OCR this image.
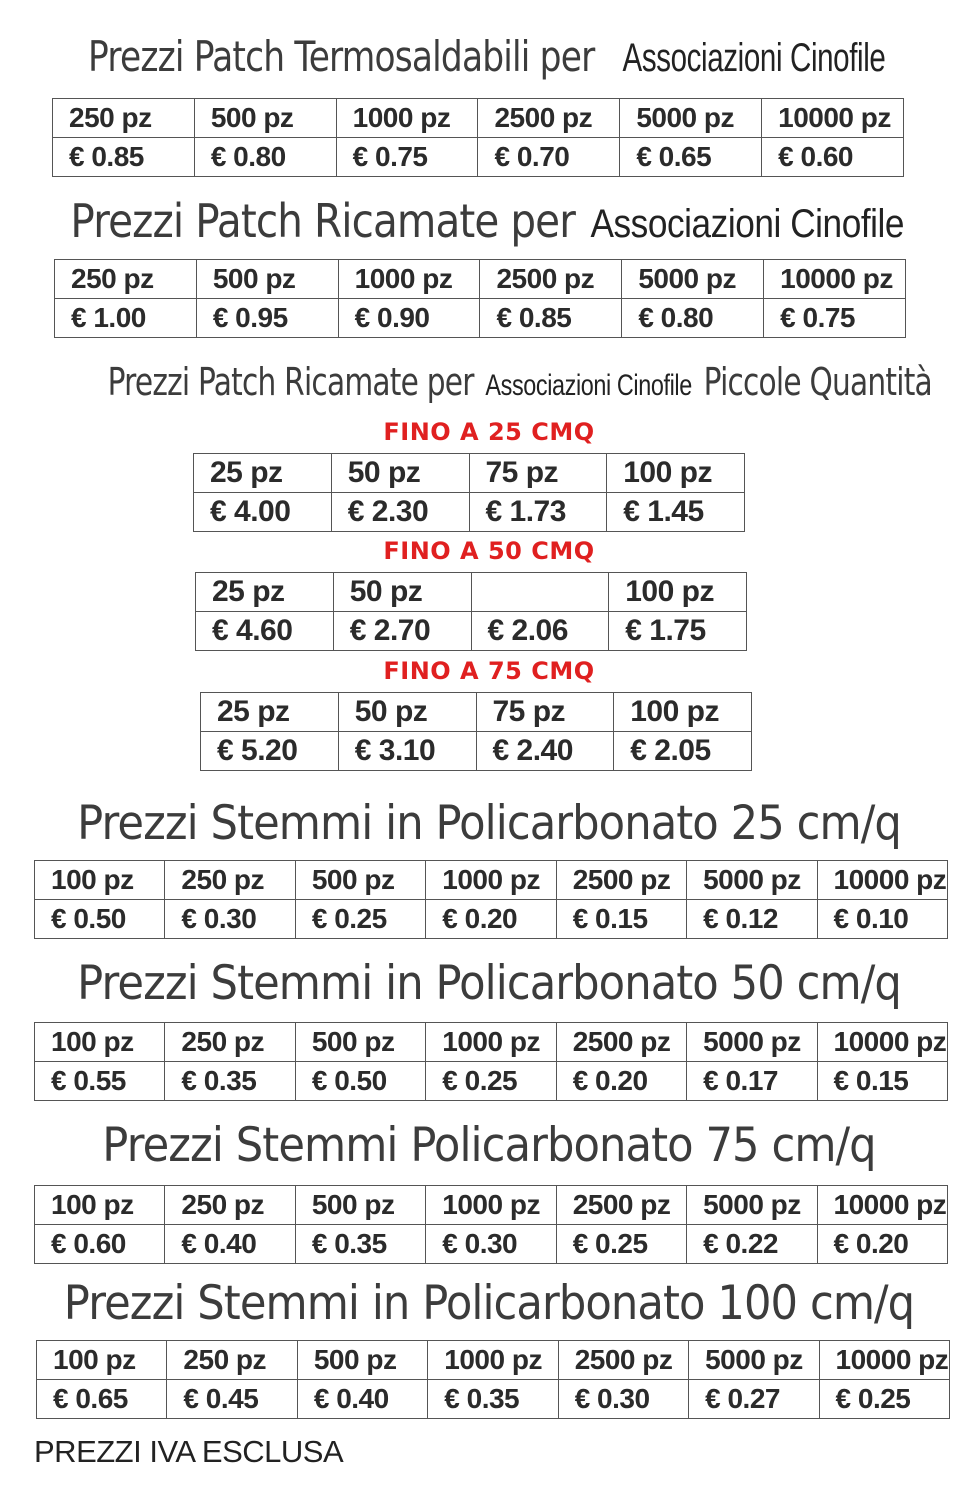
Prezzi Patch Termosaldabili per Associazioni Cinofile
250 pz	500 pz	1000 pz	2500 pz	5000 pz	10000 pz
€ 0.85	€ 0.80	€ 0.75	€ 0.70	€ 0.65	€ 0.60
Prezzi Patch Ricamate per Associazioni Cinofile
250 pz	500 pz	1000 pz	2500 pz	5000 pz	10000 pz
€ 1.00	€ 0.95	€ 0.90	€ 0.85	€ 0.80	€ 0.75
Prezzi Patch Ricamate per Associazioni Cinofile Piccole Quantità
FINO A 25 CMQ
25 pz	50 pz	75 pz	100 pz
€ 4.00	€ 2.30	€ 1.73	€ 1.45
FINO A 50 CMQ
25 pz	50 pz		100 pz
€ 4.60	€ 2.70	€ 2.06	€ 1.75
FINO A 75 CMQ
25 pz	50 pz	75 pz	100 pz
€ 5.20	€ 3.10	€ 2.40	€ 2.05
Prezzi Stemmi in Policarbonato 25 cm/q
100 pz	250 pz	500 pz	1000 pz	2500 pz	5000 pz	10000 pz
€ 0.50	€ 0.30	€ 0.25	€ 0.20	€ 0.15	€ 0.12	€ 0.10
Prezzi Stemmi in Policarbonato 50 cm/q
100 pz	250 pz	500 pz	1000 pz	2500 pz	5000 pz	10000 pz
€ 0.55	€ 0.35	€ 0.50	€ 0.25	€ 0.20	€ 0.17	€ 0.15
Prezzi Stemmi Policarbonato 75 cm/q
100 pz	250 pz	500 pz	1000 pz	2500 pz	5000 pz	10000 pz
€ 0.60	€ 0.40	€ 0.35	€ 0.30	€ 0.25	€ 0.22	€ 0.20
Prezzi Stemmi in Policarbonato 100 cm/q
100 pz	250 pz	500 pz	1000 pz	2500 pz	5000 pz	10000 pz
€ 0.65	€ 0.45	€ 0.40	€ 0.35	€ 0.30	€ 0.27	€ 0.25
PREZZI IVA ESCLUSA
